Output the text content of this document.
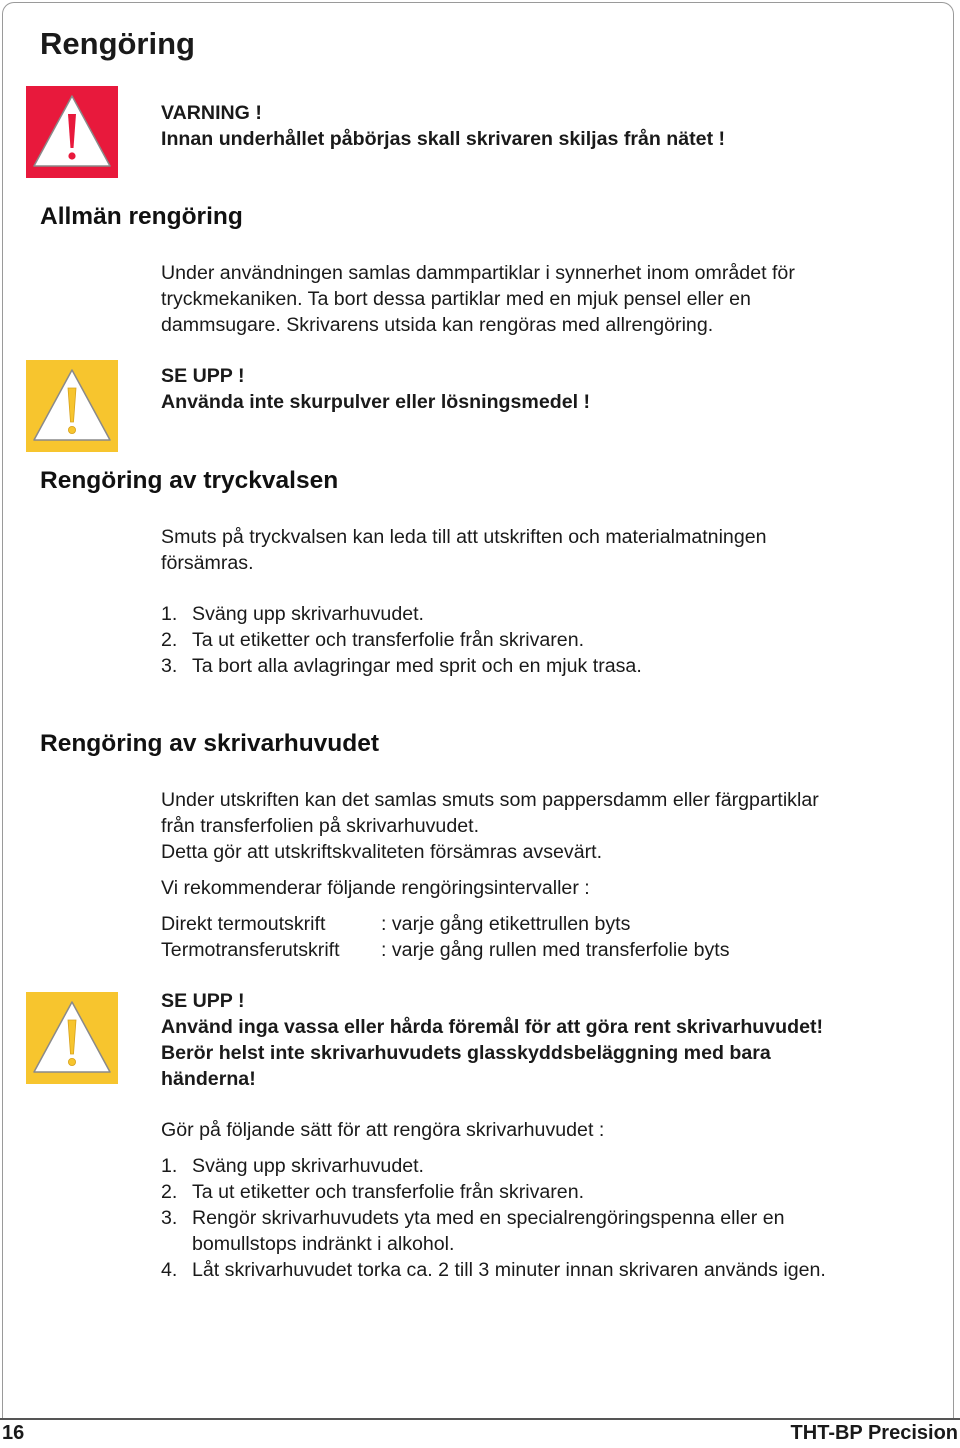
Rengöring
VARNING !
Innan underhållet påbörjas skall skrivaren skiljas från nätet !
Allmän rengöring
Under användningen samlas dammpartiklar i synnerhet inom området för
tryckmekaniken. Ta bort dessa partiklar med en mjuk pensel eller en
dammsugare. Skrivarens utsida kan rengöras med allrengöring.
SE UPP !
Använda inte skurpulver eller lösningsmedel !
Rengöring av tryckvalsen
Smuts på tryckvalsen kan leda till att utskriften och materialmatningen
försämras.
1. Sväng upp skrivarhuvudet.
2. Ta ut etiketter och transferfolie från skrivaren.
3. Ta bort alla avlagringar med sprit och en mjuk trasa.
Rengöring av skrivarhuvudet
Under utskriften kan det samlas smuts som pappersdamm eller färgpartiklar
från transferfolien på skrivarhuvudet.
Detta gör att utskriftskvaliteten försämras avsevärt.
Vi rekommenderar följande rengöringsintervaller :
Direkt termoutskrift	: varje gång etikettrullen byts
Termotransferutskrift	: varje gång rullen med transferfolie byts
SE UPP !
Använd inga vassa eller hårda föremål för att göra rent skrivarhuvudet!
Berör helst inte skrivarhuvudets glasskyddsbeläggning med bara
händerna!
Gör på följande sätt för att rengöra skrivarhuvudet :
1. Sväng upp skrivarhuvudet.
2. Ta ut etiketter och transferfolie från skrivaren.
3. Rengör skrivarhuvudets yta med en specialrengöringspenna eller en
bomullstops indränkt i alkohol.
4. Låt skrivarhuvudet torka ca. 2 till 3 minuter innan skrivaren används igen.
16	THT-BP Precision
